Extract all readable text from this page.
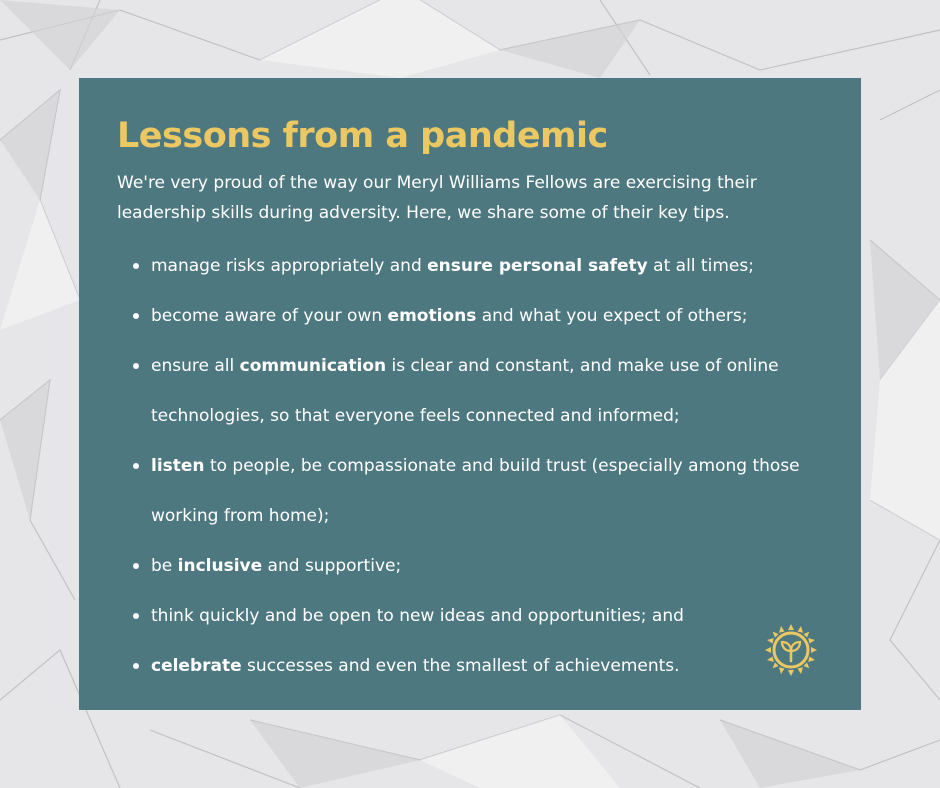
Lessons from a pandemic

We're very proud of the way our Meryl Williams Fellows are exercising their leadership skills during adversity. Here, we share some of their key tips.

manage risks appropriately and ensure personal safety at all times;
become aware of your own emotions and what you expect of others;
ensure all communication is clear and constant, and make use of online technologies, so that everyone feels connected and informed;
listen to people, be compassionate and build trust (especially among those working from home);
be inclusive and supportive;
think quickly and be open to new ideas and opportunities; and
celebrate successes and even the smallest of achievements.
